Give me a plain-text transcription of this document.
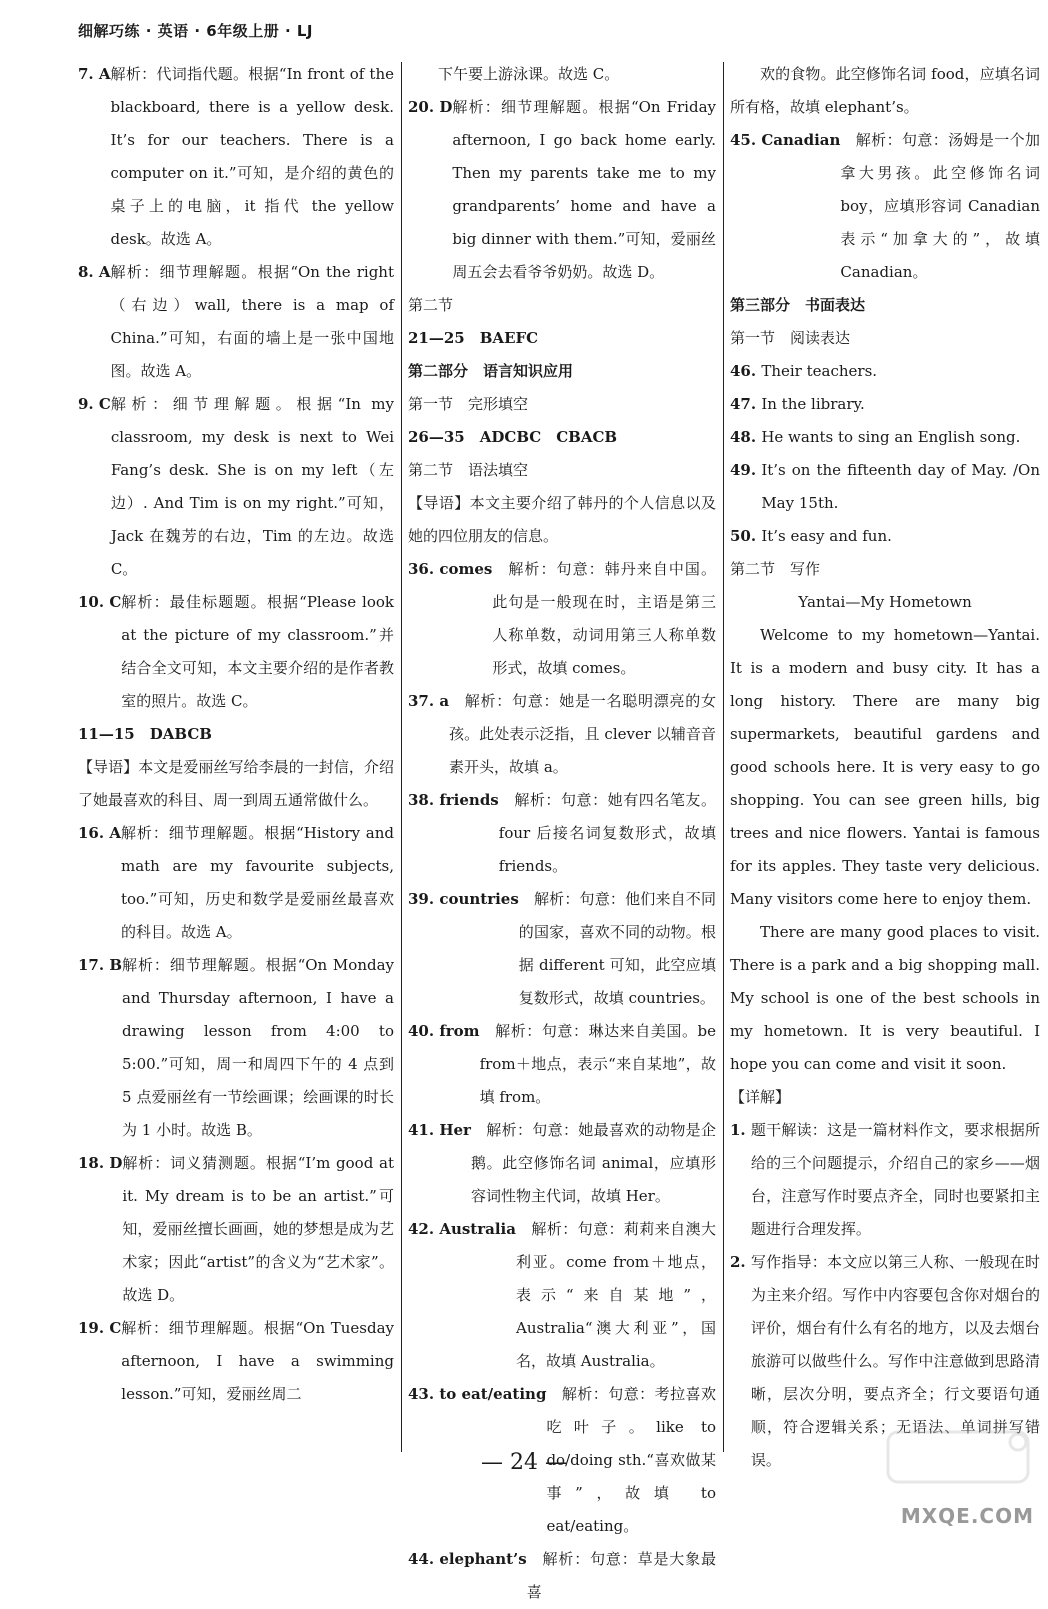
细解巧练 · 英语 · 6年级上册 · LJ
7. A 解析：代词指代题。根据“In front of the blackboard, there is a yellow desk. It’s for our teachers. There is a computer on it.”可知，是介绍的黄色的桌子上的电脑，it 指代 the yellow desk。故选 A。
8. A 解析：细节理解题。根据“On the right（右边）wall, there is a map of China.”可知，右面的墙上是一张中国地图。故选 A。
9. C 解析：细节理解题。根据“In my classroom, my desk is next to Wei Fang’s desk. She is on my left（左边）. And Tim is on my right.”可知，Jack 在魏芳的右边，Tim 的左边。故选 C。
10. C 解析：最佳标题题。根据“Please look at the picture of my classroom.”并结合全文可知，本文主要介绍的是作者教室的照片。故选 C。
11—15　DABCB
【导语】本文是爱丽丝写给李晨的一封信，介绍了她最喜欢的科目、周一到周五通常做什么。
16. A 解析：细节理解题。根据“History and math are my favourite subjects, too.”可知，历史和数学是爱丽丝最喜欢的科目。故选 A。
17. B 解析：细节理解题。根据“On Monday and Thursday afternoon, I have a drawing lesson from 4:00 to 5:00.”可知，周一和周四下午的 4 点到 5 点爱丽丝有一节绘画课；绘画课的时长为 1 小时。故选 B。
18. D 解析：词义猜测题。根据“I’m good at it. My dream is to be an artist.”可知，爱丽丝擅长画画，她的梦想是成为艺术家；因此“artist”的含义为“艺术家”。故选 D。
19. C 解析：细节理解题。根据“On Tuesday afternoon, I have a swimming lesson.”可知，爱丽丝周二
下午要上游泳课。故选 C。
20. D 解析：细节理解题。根据“On Friday afternoon, I go back home early. Then my parents take me to my grandparents’ home and have a big dinner with them.”可知，爱丽丝周五会去看爷爷奶奶。故选 D。
第二节
21—25　BAEFC
第二部分　语言知识应用
第一节　完形填空
26—35　ADCBC　CBACB
第二节　语法填空
【导语】本文主要介绍了韩丹的个人信息以及她的四位朋友的信息。
36. comes 　解析：句意：韩丹来自中国。此句是一般现在时，主语是第三人称单数，动词用第三人称单数形式，故填 comes。
37. a 　解析：句意：她是一名聪明漂亮的女孩。此处表示泛指，且 clever 以辅音音素开头，故填 a。
38. friends 　解析：句意：她有四名笔友。four 后接名词复数形式，故填 friends。
39. countries 　解析：句意：他们来自不同的国家，喜欢不同的动物。根据 different 可知，此空应填复数形式，故填 countries。
40. from 　解析：句意：琳达来自美国。be from＋地点，表示“来自某地”，故填 from。
41. Her 　解析：句意：她最喜欢的动物是企鹅。此空修饰名词 animal，应填形容词性物主代词，故填 Her。
42. Australia 　解析：句意：莉莉来自澳大利亚。come from＋地点，表示“来自某地”，Australia“澳大利亚”，国名，故填 Australia。
43. to eat/eating 　解析：句意：考拉喜欢吃叶子。like to do/doing sth.“喜欢做某事”，故填 to eat/eating。
44. elephant’s 　解析：句意：草是大象最喜
欢的食物。此空修饰名词 food，应填名词所有格，故填 elephant’s。
45. Canadian 　解析：句意：汤姆是一个加拿大男孩。此空修饰名词 boy，应填形容词 Canadian 表示“加拿大的”，故填 Canadian。
第三部分　书面表达
第一节　阅读表达
46. Their teachers.
47. In the library.
48. He wants to sing an English song.
49. It’s on the fifteenth day of May. /On May 15th.
50. It’s easy and fun.
第二节　写作
Yantai—My Hometown
Welcome to my hometown—Yantai. It is a modern and busy city. It has a long history. There are many big supermarkets, beautiful gardens and good schools here. It is very easy to go shopping. You can see green hills, big trees and nice flowers. Yantai is famous for its apples. They taste very delicious. Many visitors come here to enjoy them.
There are many good places to visit. There is a park and a big shopping mall. My school is one of the best schools in my hometown. It is very beautiful. I hope you can come and visit it soon.
【详解】
1. 题干解读：这是一篇材料作文，要求根据所给的三个问题提示，介绍自己的家乡——烟台，注意写作时要点齐全，同时也要紧扣主题进行合理发挥。
2. 写作指导：本文应以第三人称、一般现在时为主来介绍。写作中内容要包含你对烟台的评价，烟台有什么有名的地方，以及去烟台旅游可以做些什么。写作中注意做到思路清晰，层次分明，要点齐全；行文要语句通顺，符合逻辑关系；无语法、单词拼写错误。
— 24 —
MXQE.COM
